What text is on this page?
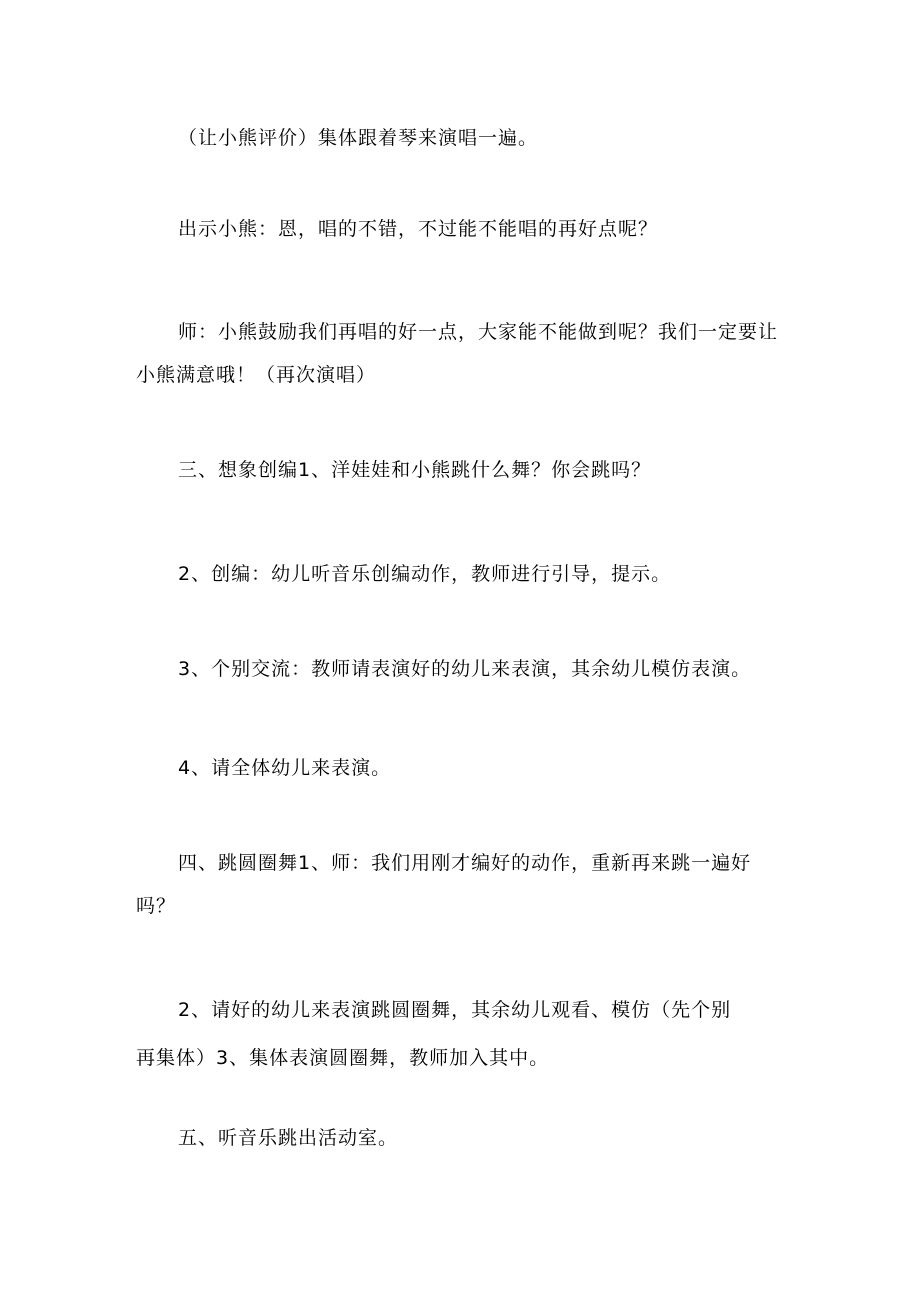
（让小熊评价）集体跟着琴来演唱一遍。
出示小熊：恩，唱的不错，不过能不能唱的再好点呢？
师：小熊鼓励我们再唱的好一点，大家能不能做到呢？我们一定要让
小熊满意哦！（再次演唱）
三、想象创编1、洋娃娃和小熊跳什么舞？你会跳吗？
2、创编：幼儿听音乐创编动作，教师进行引导，提示。
3、个别交流：教师请表演好的幼儿来表演，其余幼儿模仿表演。
4、请全体幼儿来表演。
四、跳圆圈舞1、师：我们用刚才编好的动作，重新再来跳一遍好
吗？
2、请好的幼儿来表演跳圆圈舞，其余幼儿观看、模仿（先个别
再集体）3、集体表演圆圈舞，教师加入其中。
五、听音乐跳出活动室。
